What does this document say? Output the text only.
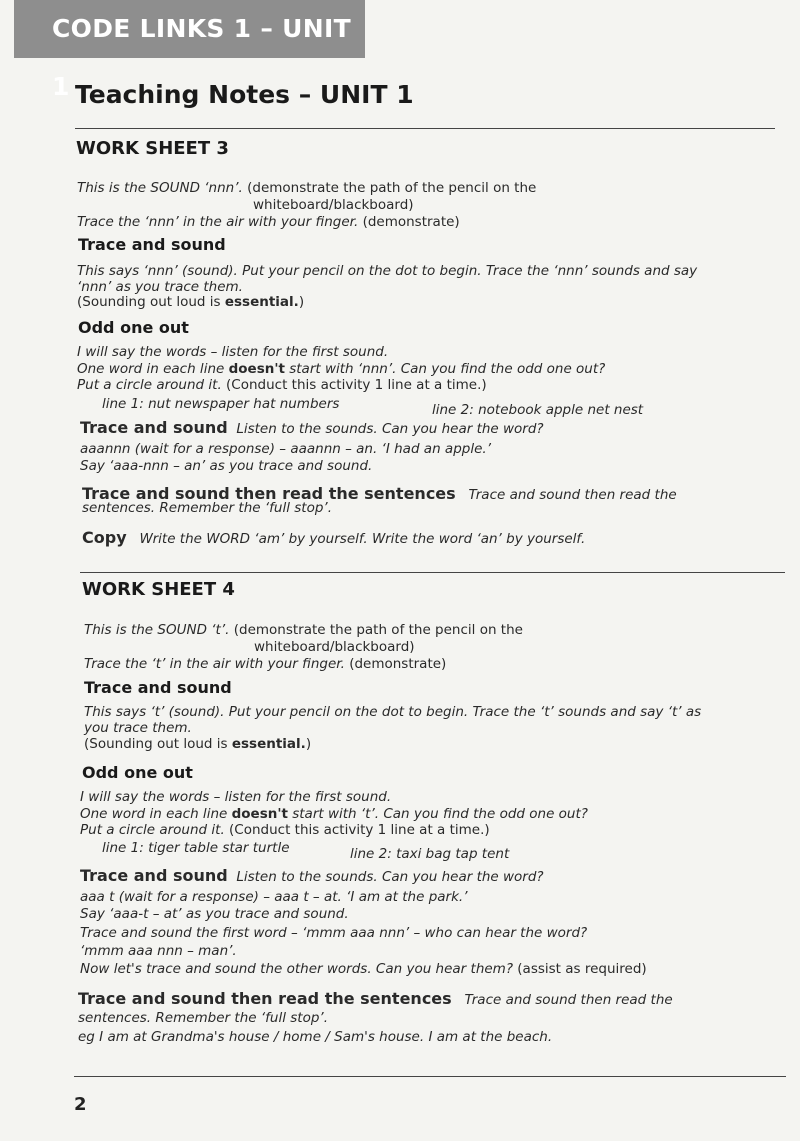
CODE LINKS 1 – UNIT 1 Teaching Notes – UNIT 1
WORK SHEET 3
This is the SOUND ‘nnn’. (demonstrate the path of the pencil on the
whiteboard/blackboard)
Trace the ‘nnn’ in the air with your finger. (demonstrate)
Trace and sound
This says ‘nnn’ (sound). Put your pencil on the dot to begin. Trace the ‘nnn’ sounds and say
‘nnn’ as you trace them.
(Sounding out loud is essential.)
Odd one out
I will say the words – listen for the first sound.
One word in each line doesn't start with ‘nnn’. Can you find the odd one out?
Put a circle around it. (Conduct this activity 1 line at a time.)
line 1: nut newspaper hat numbers	line 2: notebook apple net nest
Trace and sound Listen to the sounds. Can you hear the word?
aaannn (wait for a response) – aaannn – an. ‘I had an apple.’
Say ‘aaa-nnn – an’ as you trace and sound.
Trace and sound then read the sentences Trace and sound then read the
sentences. Remember the ‘full stop’.
Copy Write the WORD ‘am’ by yourself. Write the word ‘an’ by yourself.
WORK SHEET 4
This is the SOUND ‘t’. (demonstrate the path of the pencil on the
whiteboard/blackboard)
Trace the ‘t’ in the air with your finger. (demonstrate)
Trace and sound
This says ‘t’ (sound). Put your pencil on the dot to begin. Trace the ‘t’ sounds and say ‘t’ as
you trace them.
(Sounding out loud is essential.)
Odd one out
I will say the words – listen for the first sound.
One word in each line doesn't start with ‘t’. Can you find the odd one out?
Put a circle around it. (Conduct this activity 1 line at a time.)
line 1: tiger table star turtle	line 2: taxi bag tap tent
Trace and sound Listen to the sounds. Can you hear the word?
aaa t (wait for a response) – aaa t – at. ‘I am at the park.’
Say ‘aaa-t – at’ as you trace and sound.
Trace and sound the first word – ‘mmm aaa nnn’ – who can hear the word?
‘mmm aaa nnn – man’.
Now let's trace and sound the other words. Can you hear them? (assist as required)
Trace and sound then read the sentences Trace and sound then read the
sentences. Remember the ‘full stop’.
eg I am at Grandma's house / home / Sam's house. I am at the beach.
2
